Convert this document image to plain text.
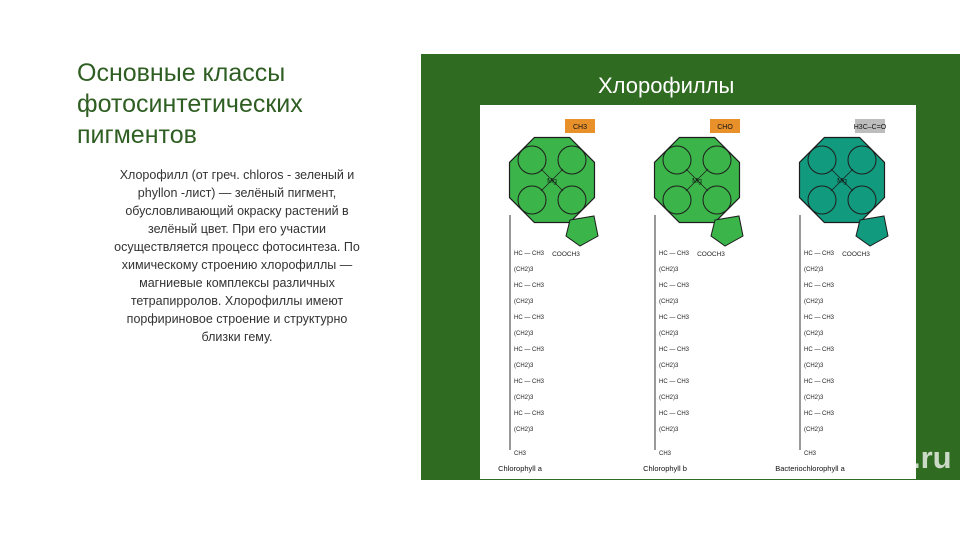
Основные классы фотосинтетических пигментов
Хлорофилл (от греч. chloros - зеленый и
phyllon -лист) — зелёный пигмент,
обусловливающий окраску растений в
зелёный цвет. При его участии
осуществляется процесс фотосинтеза. По
химическому строению хлорофиллы —
магниевые комплексы различных
тетрапирролов. Хлорофиллы имеют
порфириновое строение и структурно
близки гему.
Хлорофиллы
Mg
CH3
COOCH3
HC — CH3
(CH2)3
HC — CH3
(CH2)3
HC — CH3
(CH2)3
HC — CH3
(CH2)3
HC — CH3
(CH2)3
HC — CH3
(CH2)3
CH3
Chlorophyll a
Mg
CHO
COOCH3
HC — CH3
(CH2)3
HC — CH3
(CH2)3
HC — CH3
(CH2)3
HC — CH3
(CH2)3
HC — CH3
(CH2)3
HC — CH3
(CH2)3
CH3
Chlorophyll b
Mg
H3C–C=O
COOCH3
HC — CH3
(CH2)3
HC — CH3
(CH2)3
HC — CH3
(CH2)3
HC — CH3
(CH2)3
HC — CH3
(CH2)3
HC — CH3
(CH2)3
CH3
Bacteriochlorophyll a .ru
